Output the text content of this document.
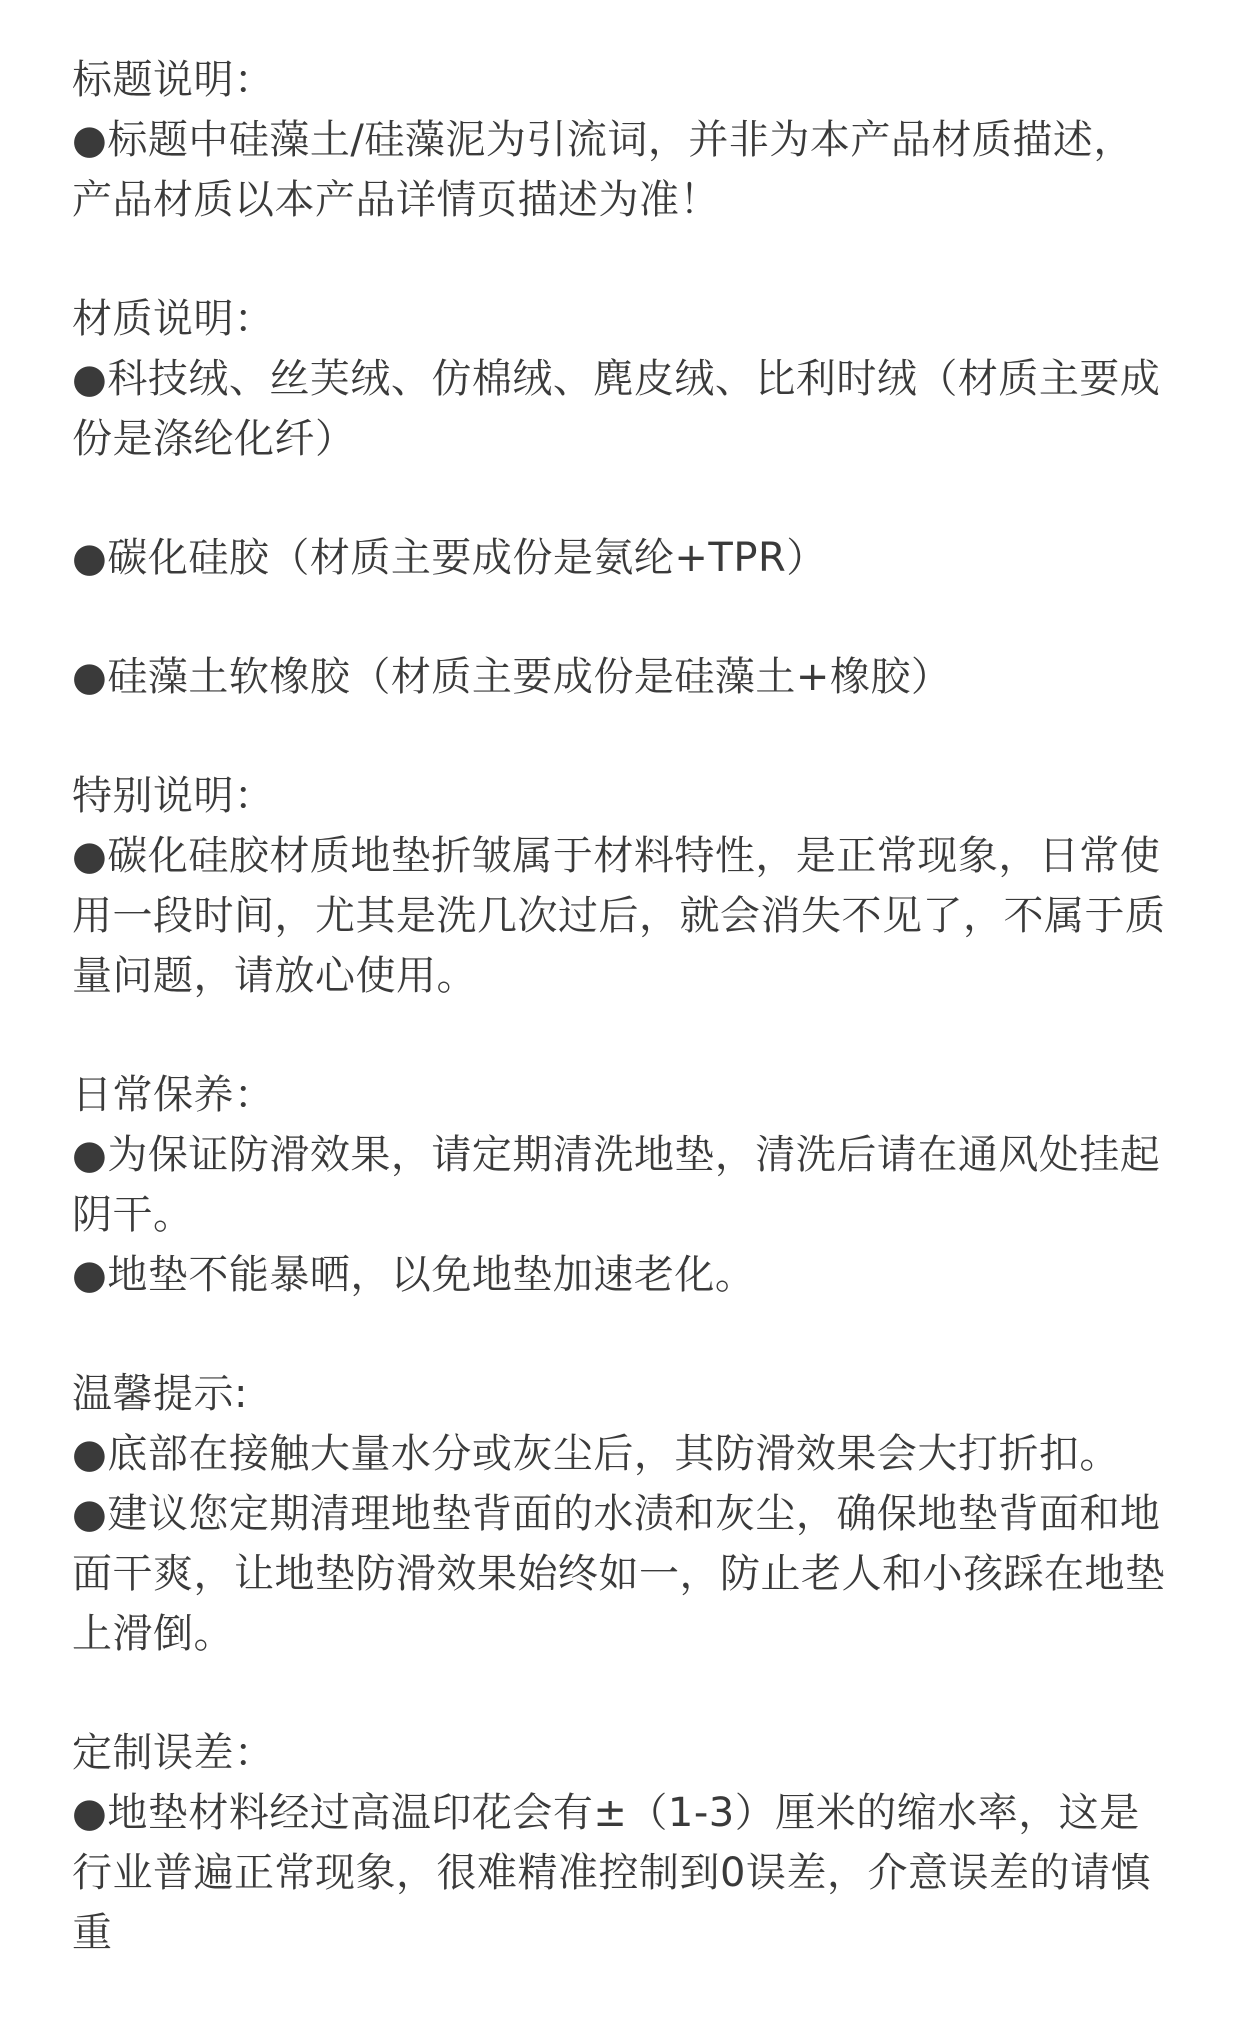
标题说明：

●标题中硅藻土/硅藻泥为引流词，并非为本产品材质描述，产品材质以本产品详情页描述为准！

材质说明：

●科技绒、丝芙绒、仿棉绒、麂皮绒、比利时绒（材质主要成份是涤纶化纤）

●碳化硅胶（材质主要成份是氨纶+TPR）

●硅藻土软橡胶（材质主要成份是硅藻土+橡胶）

特别说明：

●碳化硅胶材质地垫折皱属于材料特性，是正常现象，日常使用一段时间，尤其是洗几次过后，就会消失不见了，不属于质量问题，请放心使用。

日常保养：

●为保证防滑效果，请定期清洗地垫，清洗后请在通风处挂起阴干。

●地垫不能暴晒，以免地垫加速老化。

温馨提示:

●底部在接触大量水分或灰尘后，其防滑效果会大打折扣。

●建议您定期清理地垫背面的水渍和灰尘，确保地垫背面和地面干爽，让地垫防滑效果始终如一，防止老人和小孩踩在地垫上滑倒。

定制误差：

●地垫材料经过高温印花会有±（1-3）厘米的缩水率，这是行业普遍正常现象，很难精准控制到0误差，介意误差的请慎重
